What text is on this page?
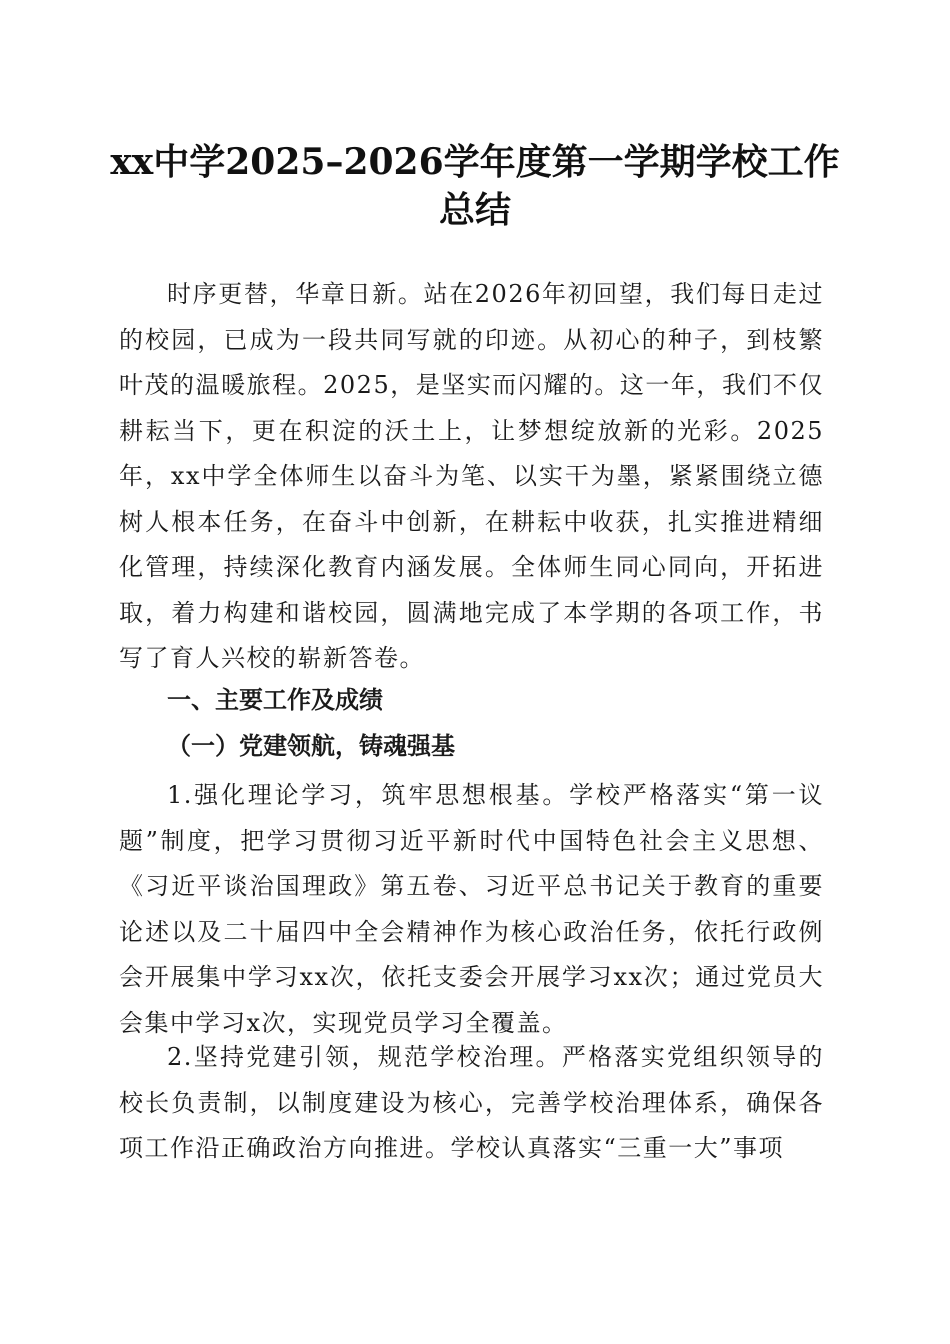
xx中学2025–2026学年度第一学期学校工作
总结

时序更替，华章日新。站在2026年初回望，我们每日走过的校园，已成为一段共同写就的印迹。从初心的种子，到枝繁叶茂的温暖旅程。2025，是坚实而闪耀的。这一年，我们不仅耕耘当下，更在积淀的沃土上，让梦想绽放新的光彩。2025年，xx中学全体师生以奋斗为笔、以实干为墨，紧紧围绕立德树人根本任务，在奋斗中创新，在耕耘中收获，扎实推进精细化管理，持续深化教育内涵发展。全体师生同心同向，开拓进取，着力构建和谐校园，圆满地完成了本学期的各项工作，书写了育人兴校的崭新答卷。

一、主要工作及成绩
（一）党建领航，铸魂强基

1.强化理论学习，筑牢思想根基。学校严格落实“第一议题”制度，把学习贯彻习近平新时代中国特色社会主义思想、《习近平谈治国理政》第五卷、习近平总书记关于教育的重要论述以及二十届四中全会精神作为核心政治任务，依托行政例会开展集中学习xx次，依托支委会开展学习xx次；通过党员大会集中学习x次，实现党员学习全覆盖。

2.坚持党建引领，规范学校治理。严格落实党组织领导的校长负责制，以制度建设为核心，完善学校治理体系，确保各项工作沿正确政治方向推进。学校认真落实“三重一大”事项
